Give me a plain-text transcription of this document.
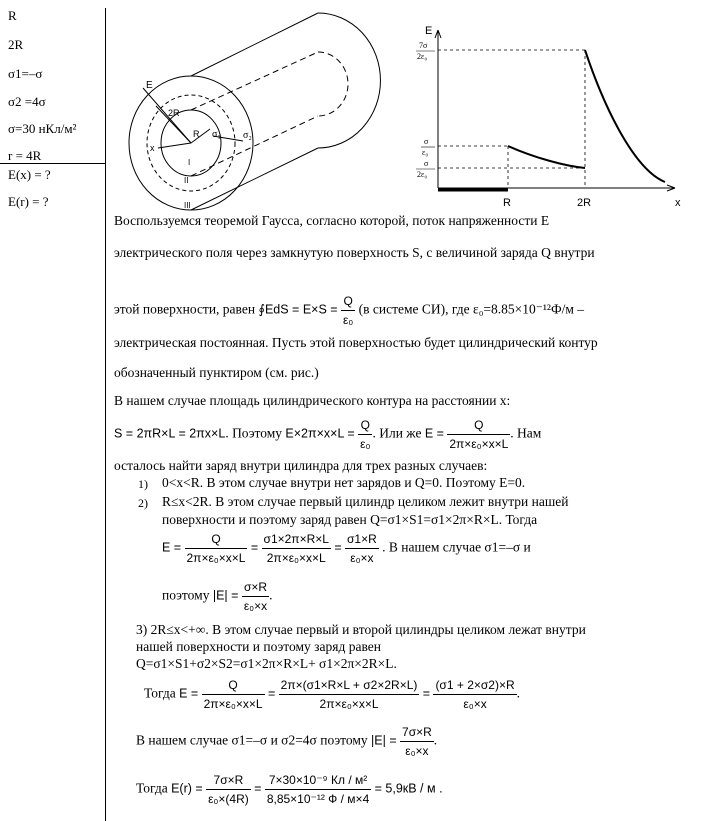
R
2R
σ1=–σ
σ2 =4σ
σ=30 нКл/м²
r = 4R
E(x) = ?
E(r) = ?
E
2R
R
x
σ₁ σ₂
I
II
III
E
x
R	2R
7σ
2ε₀
σ
ε₀
σ
2ε₀
Воспользуемся теоремой Гаусса, согласно которой, поток напряженности E
электрического поля через замкнутую поверхность S, с величиной заряда Q внутри
этой поверхности, равен ∮EdS = $E\times S = \frac{Q}{\text{ε₀}} (в$ системе СИ), где ε₀=8.85×10⁻¹²Ф/м –
электрическая постоянная. Пусть этой поверхностью будет цилиндрический контур
обозначенный пунктиром (см. рис.)
В нашем случае площадь цилиндрического контура на расстоянии x:
S = 2πR×L = 2πx×L. Поэтому $E\times 2\pi\times x\times L = \frac{Q}{\text{ε₀}}$ . Или же $E = \frac{Q}{\text{2π×ε₀×x×L}}$ . Нам
осталось найти заряд внутри цилиндра для трех разных случаев:
1) 0<x<R. В этом случае внутри нет зарядов и Q=0. Поэтому E=0.
2) R≤x<2R. В этом случае первый цилиндр целиком лежит внутри нашей
поверхности и поэтому заряд равен Q=σ1×S1=σ1×2π×R×L. Тогда
$E = \frac{Q}{\text{2π×ε₀×x×L}} = \frac{\sigma 1\times 2\pi\times R\times L}{\text{2π×ε₀×x×L}} = \frac{\sigma 1\times R}{\text{ε₀×x}}$ . В нашем случае σ1=–σ и
поэтому $|E| = \frac{\sigma\times R}{\text{ε₀×x}}$ .
3) 2R≤x<+∞. В этом случае первый и второй цилиндры целиком лежат внутри
нашей поверхности и поэтому заряд равен
Q=σ1×S1+σ2×S2=σ1×2π×R×L+ σ1×2π×2R×L.
Тогда $E = \frac{Q}{\text{2π×ε₀×x×L}} = \frac{2\pi\times(\sigma 1\times R\times L + \sigma 2\times 2R\times L)}{\text{2π×ε₀×x×L}} = \frac{(\sigma 1 + 2\times\sigma 2)\times R}{\text{ε₀×x}}$ .
В нашем случае σ1=–σ и σ2=4σ поэтому $|E| = \frac{7\sigma\times R}{\text{ε₀×x}}$ .
Тогда $E(r) = \frac{7\sigma\times R}{\text{ε₀×(4R)}} = \frac{\text{7×30×10⁻⁹ Кл / м²}}{\text{8,85×10⁻¹² Ф / м×4}} = 5,9кВ / м$ .
